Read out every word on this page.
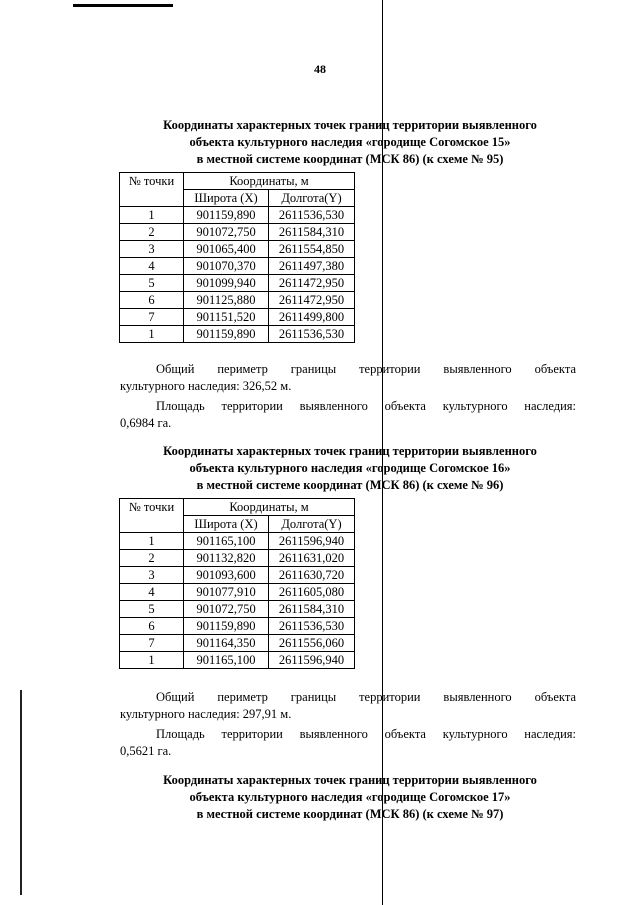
48
Координаты характерных точек границ территории выявленного
объекта культурного наследия «городище Согомское 15»
в местной системе координат (МСК 86) (к схеме № 95)
№ точки	Координаты, м	
	Широта (X)	Долгота(Y)
1	901159,890	2611536,530
2	901072,750	2611584,310
3	901065,400	2611554,850
4	901070,370	2611497,380
5	901099,940	2611472,950
6	901125,880	2611472,950
7	901151,520	2611499,800
1	901159,890	2611536,530
Общий периметр границы территории выявленного объекта
культурного наследия: 326,52 м.
Площадь территории выявленного объекта культурного наследия:
0,6984 га.
Координаты характерных точек границ территории выявленного
объекта культурного наследия «городище Согомское 16»
в местной системе координат (МСК 86) (к схеме № 96)
№ точки	Координаты, м	
	Широта (X)	Долгота(Y)
1	901165,100	2611596,940
2	901132,820	2611631,020
3	901093,600	2611630,720
4	901077,910	2611605,080
5	901072,750	2611584,310
6	901159,890	2611536,530
7	901164,350	2611556,060
1	901165,100	2611596,940
Общий периметр границы территории выявленного объекта
культурного наследия: 297,91 м.
Площадь территории выявленного объекта культурного наследия:
0,5621 га.
Координаты характерных точек границ территории выявленного
объекта культурного наследия «городище Согомское 17»
в местной системе координат (МСК 86) (к схеме № 97)
